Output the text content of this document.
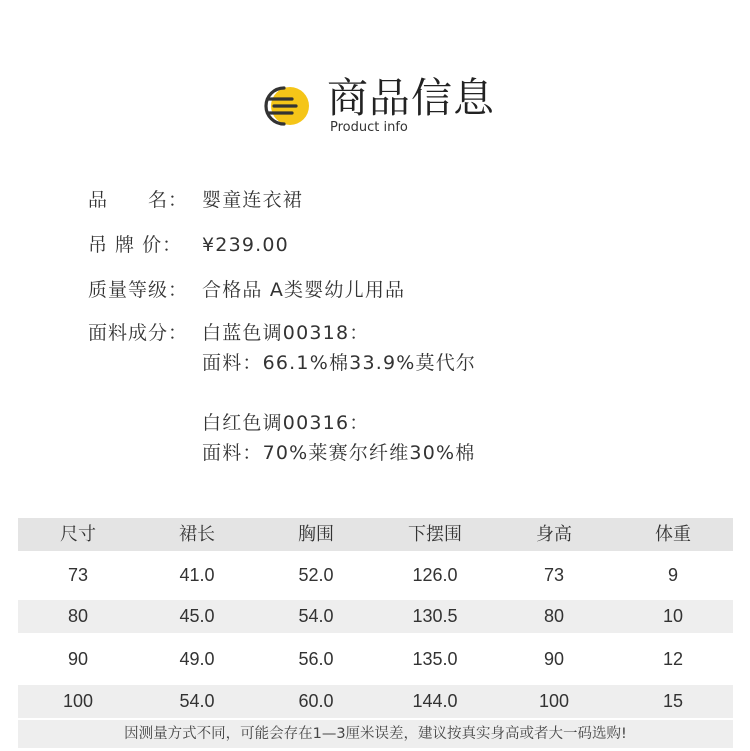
商品信息
Product info
品　　名： 婴童连衣裙
吊 牌 价： ¥239.00
质量等级： 合格品 A类婴幼儿用品
面料成分： 白蓝色调00318：
面料：66.1%棉33.9%莫代尔
白红色调00316：
面料：70%莱赛尔纤维30%棉
尺寸	裙长	胸围	下摆围	身高	体重
73	41.0	52.0	126.0	73	9
80	45.0	54.0	130.5	80	10
90	49.0	56.0	135.0	90	12
100	54.0	60.0	144.0	100	15
因测量方式不同，可能会存在1—3厘米误差，建议按真实身高或者大一码选购!
